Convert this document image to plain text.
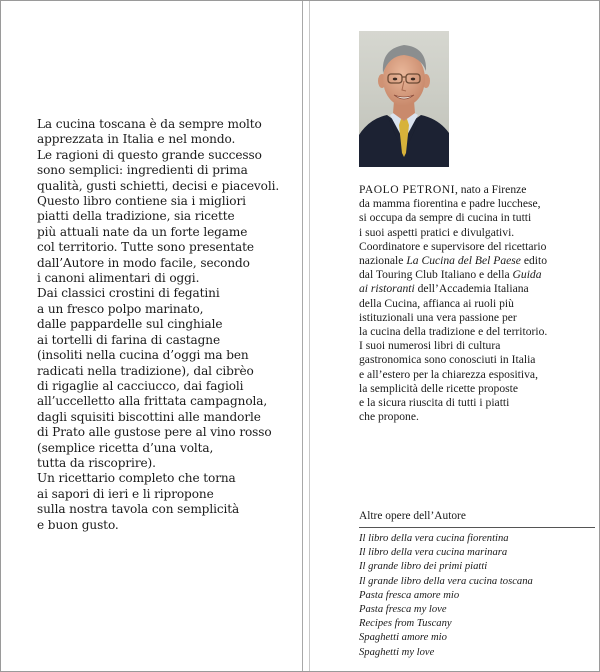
La cucina toscana è da sempre molto
apprezzata in Italia e nel mondo.
Le ragioni di questo grande successo
sono semplici: ingredienti di prima
qualità, gusti schietti, decisi e piacevoli.
Questo libro contiene sia i migliori
piatti della tradizione, sia ricette
più attuali nate da un forte legame
col territorio. Tutte sono presentate
dall’Autore in modo facile, secondo
i canoni alimentari di oggi.
Dai classici crostini di fegatini
a un fresco polpo marinato,
dalle pappardelle sul cinghiale
ai tortelli di farina di castagne
(insoliti nella cucina d’oggi ma ben
radicati nella tradizione), dal cibrèo
di rigaglie al cacciucco, dai fagioli
all’uccelletto alla frittata campagnola,
dagli squisiti biscottini alle mandorle
di Prato alle gustose pere al vino rosso
(semplice ricetta d’una volta,
tutta da riscoprire).
Un ricettario completo che torna
ai sapori di ieri e li ripropone
sulla nostra tavola con semplicità
e buon gusto.
PAOLO PETRONI, nato a Firenze
da mamma fiorentina e padre lucchese,
si occupa da sempre di cucina in tutti
i suoi aspetti pratici e divulgativi.
Coordinatore e supervisore del ricettario
nazionale La Cucina del Bel Paese edito
dal Touring Club Italiano e della Guida
ai ristoranti dell’Accademia Italiana
della Cucina, affianca ai ruoli più
istituzionali una vera passione per
la cucina della tradizione e del territorio.
I suoi numerosi libri di cultura
gastronomica sono conosciuti in Italia
e all’estero per la chiarezza espositiva,
la semplicità delle ricette proposte
e la sicura riuscita di tutti i piatti
che propone.
Altre opere dell’Autore
Il libro della vera cucina fiorentina
Il libro della vera cucina marinara
Il grande libro dei primi piatti
Il grande libro della vera cucina toscana
Pasta fresca amore mio
Pasta fresca my love
Recipes from Tuscany
Spaghetti amore mio
Spaghetti my love
